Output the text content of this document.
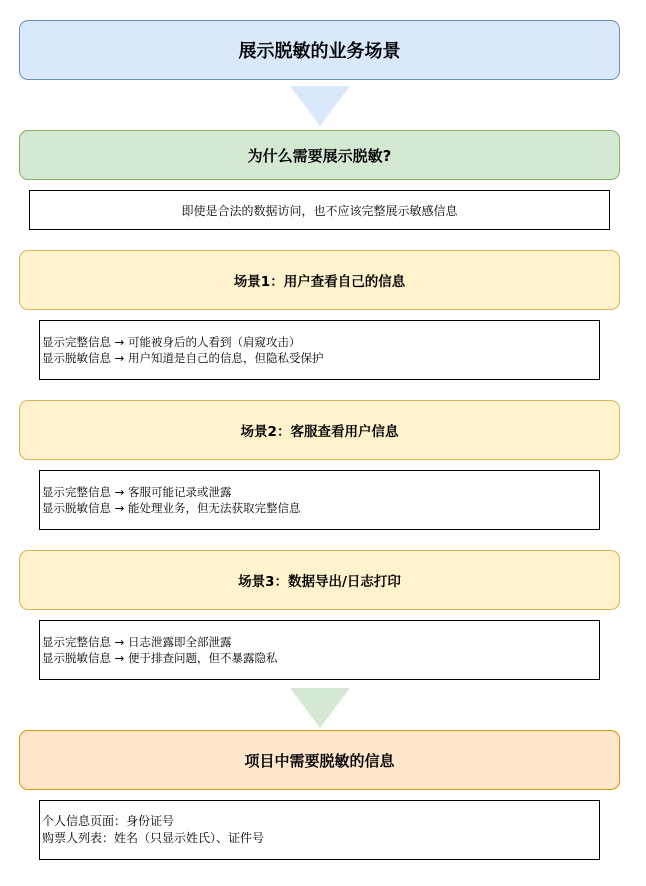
展示脱敏的业务场景
为什么需要展示脱敏?
即使是合法的数据访问，也不应该完整展示敏感信息
场景1：用户查看自己的信息
显示完整信息 → 可能被身后的人看到（肩窥攻击）
显示脱敏信息 → 用户知道是自己的信息，但隐私受保护
场景2：客服查看用户信息
显示完整信息 → 客服可能记录或泄露
显示脱敏信息 → 能处理业务，但无法获取完整信息
场景3：数据导出/日志打印
显示完整信息 → 日志泄露即全部泄露
显示脱敏信息 → 便于排查问题，但不暴露隐私
项目中需要脱敏的信息
个人信息页面：身份证号
购票人列表：姓名（只显示姓氏）、证件号
